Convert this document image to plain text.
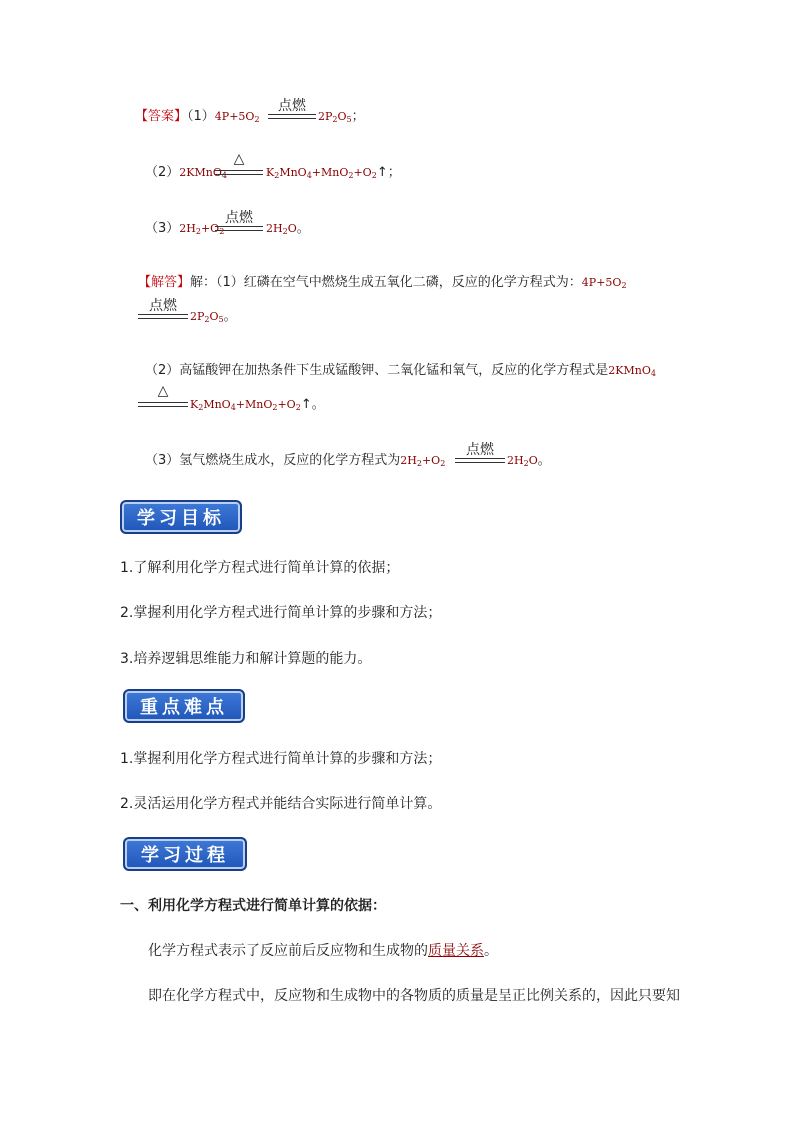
【答案】$(1)4P+5O_2$
点燃
$2P_2O_5$；
（2）2KMnO$_4$
△
$K_2MnO_4+MnO_2+O_2↑$；
$(3)2H_2+O_2$
点燃
$2H_2O$。
【解答】解：（1）红磷在空气中燃烧生成五氧化二磷，反应的化学方程式为：$4P+5O_2$
点燃
$2P_2O_5$。
（2）高锰酸钾在加热条件下生成锰酸钾、二氧化锰和氧气，反应的化学方程式是2KMnO$_4$
△
$K_2MnO_4+MnO_2+O_2↑$。
（3）氢气燃烧生成水，反应的化学方程式为$2H_2+O_2$
点燃
$2H_2O$。
学习目标
1.了解利用化学方程式进行简单计算的依据；
2.掌握利用化学方程式进行简单计算的步骤和方法；
3.培养逻辑思维能力和解计算题的能力。
重点难点
1.掌握利用化学方程式进行简单计算的步骤和方法；
2.灵活运用化学方程式并能结合实际进行简单计算。
学习过程
一、利用化学方程式进行简单计算的依据：
化学方程式表示了反应前后反应物和生成物的质量关系。
即在化学方程式中，反应物和生成物中的各物质的质量是呈正比例关系的，因此只要知
